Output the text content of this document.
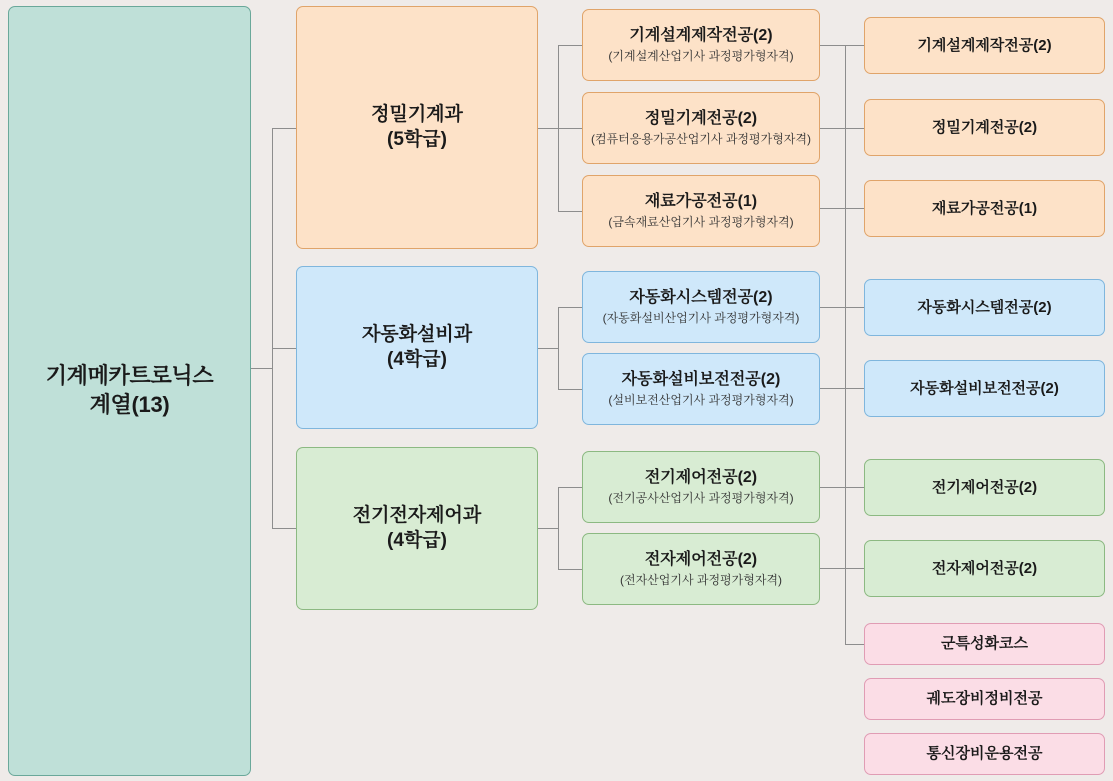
기계메카트로닉스
계열(13)
정밀기계과
(5학급)
자동화설비과
(4학급)
전기전자제어과
(4학급)
기계설계제작전공(2)
(기계설계산업기사 과정평가형자격)
정밀기계전공(2)
(컴퓨터응용가공산업기사 과정평가형자격)
재료가공전공(1)
(금속재료산업기사 과정평가형자격)
자동화시스템전공(2)
(자동화설비산업기사 과정평가형자격)
자동화설비보전전공(2)
(설비보전산업기사 과정평가형자격)
전기제어전공(2)
(전기공사산업기사 과정평가형자격)
전자제어전공(2)
(전자산업기사 과정평가형자격)
기계설계제작전공(2)
정밀기계전공(2)
재료가공전공(1)
자동화시스템전공(2)
자동화설비보전전공(2)
전기제어전공(2)
전자제어전공(2)
군특성화코스
궤도장비정비전공
통신장비운용전공
